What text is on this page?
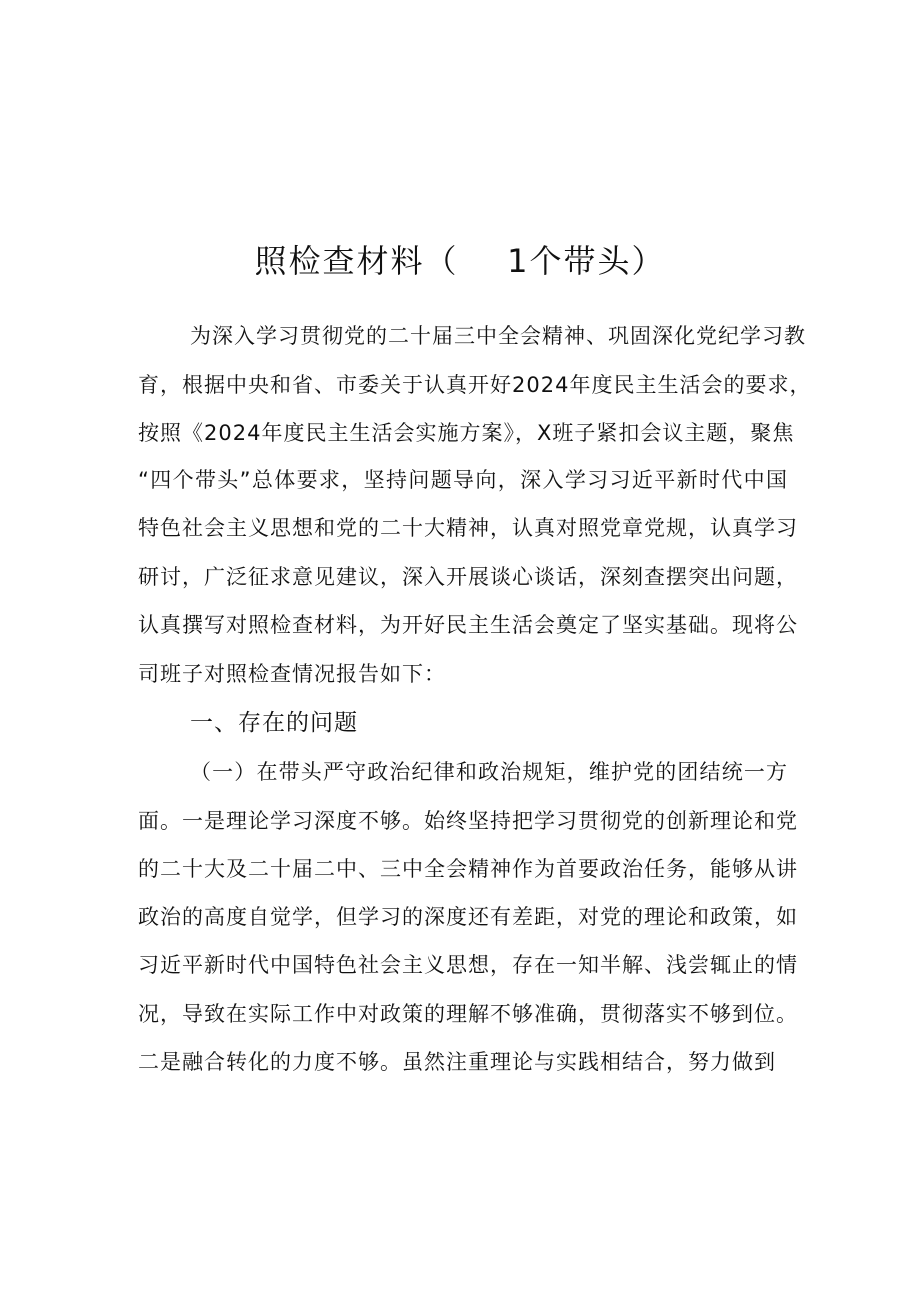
照检查材料（    1个带头）
为深入学习贯彻党的二十届三中全会精神、巩固深化党纪学习教
育，根据中央和省、市委关于认真开好2024年度民主生活会的要求，
按照《2024年度民主生活会实施方案》，X班子紧扣会议主题，聚焦
“四个带头”总体要求，坚持问题导向，深入学习习近平新时代中国
特色社会主义思想和党的二十大精神，认真对照党章党规，认真学习
研讨，广泛征求意见建议，深入开展谈心谈话，深刻查摆突出问题，
认真撰写对照检查材料，为开好民主生活会奠定了坚实基础。现将公
司班子对照检查情况报告如下：
一、存在的问题
（一）在带头严守政治纪律和政治规矩，维护党的团结统一方
面。一是理论学习深度不够。始终坚持把学习贯彻党的创新理论和党
的二十大及二十届二中、三中全会精神作为首要政治任务，能够从讲
政治的高度自觉学，但学习的深度还有差距，对党的理论和政策，如
习近平新时代中国特色社会主义思想，存在一知半解、浅尝辄止的情
况，导致在实际工作中对政策的理解不够准确，贯彻落实不够到位。
二是融合转化的力度不够。虽然注重理论与实践相结合，努力做到
